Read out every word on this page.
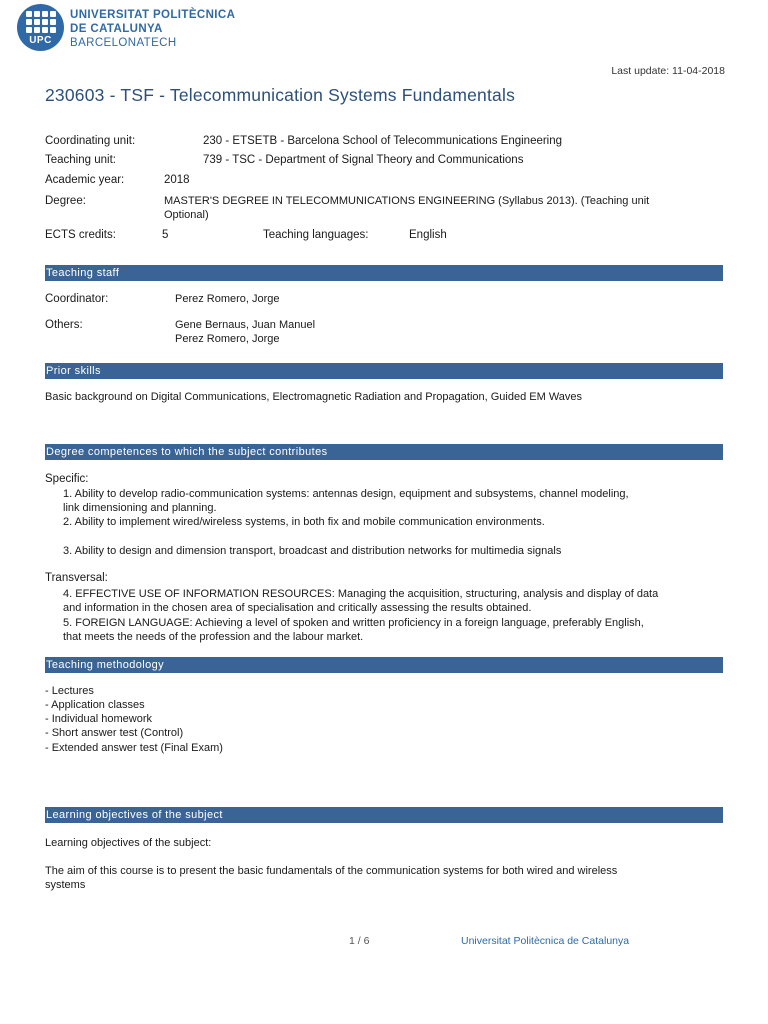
UPC
UNIVERSITAT POLITÈCNICA
DE CATALUNYA
BARCELONATECH
Last update: 11-04-2018
230603 - TSF - Telecommunication Systems Fundamentals
Coordinating unit:	230 - ETSETB - Barcelona School of Telecommunications Engineering
Teaching unit:	739 - TSC - Department of Signal Theory and Communications
Academic year:	2018
Degree:	MASTER'S DEGREE IN TELECOMMUNICATIONS ENGINEERING (Syllabus 2013). (Teaching unit
Optional)
ECTS credits:	5	Teaching languages:	English
Teaching staff
Coordinator:	Perez Romero, Jorge
Others:	Gene Bernaus, Juan Manuel
Perez Romero, Jorge
Prior skills
Basic background on Digital Communications, Electromagnetic Radiation and Propagation, Guided EM Waves
Degree competences to which the subject contributes
Specific:
1. Ability to develop radio-communication systems: antennas design, equipment and subsystems, channel modeling,
link dimensioning and planning.
2. Ability to implement wired/wireless systems, in both fix and mobile communication environments.
3. Ability to design and dimension transport, broadcast and distribution networks for multimedia signals
Transversal:
4. EFFECTIVE USE OF INFORMATION RESOURCES: Managing the acquisition, structuring, analysis and display of data
and information in the chosen area of specialisation and critically assessing the results obtained.
5. FOREIGN LANGUAGE: Achieving a level of spoken and written proficiency in a foreign language, preferably English,
that meets the needs of the profession and the labour market.
Teaching methodology
- Lectures
- Application classes
- Individual homework
- Short answer test (Control)
- Extended answer test (Final Exam)
Learning objectives of the subject
Learning objectives of the subject:
The aim of this course is to present the basic fundamentals of the communication systems for both wired and wireless
systems
1 / 6	Universitat Politècnica de Catalunya
